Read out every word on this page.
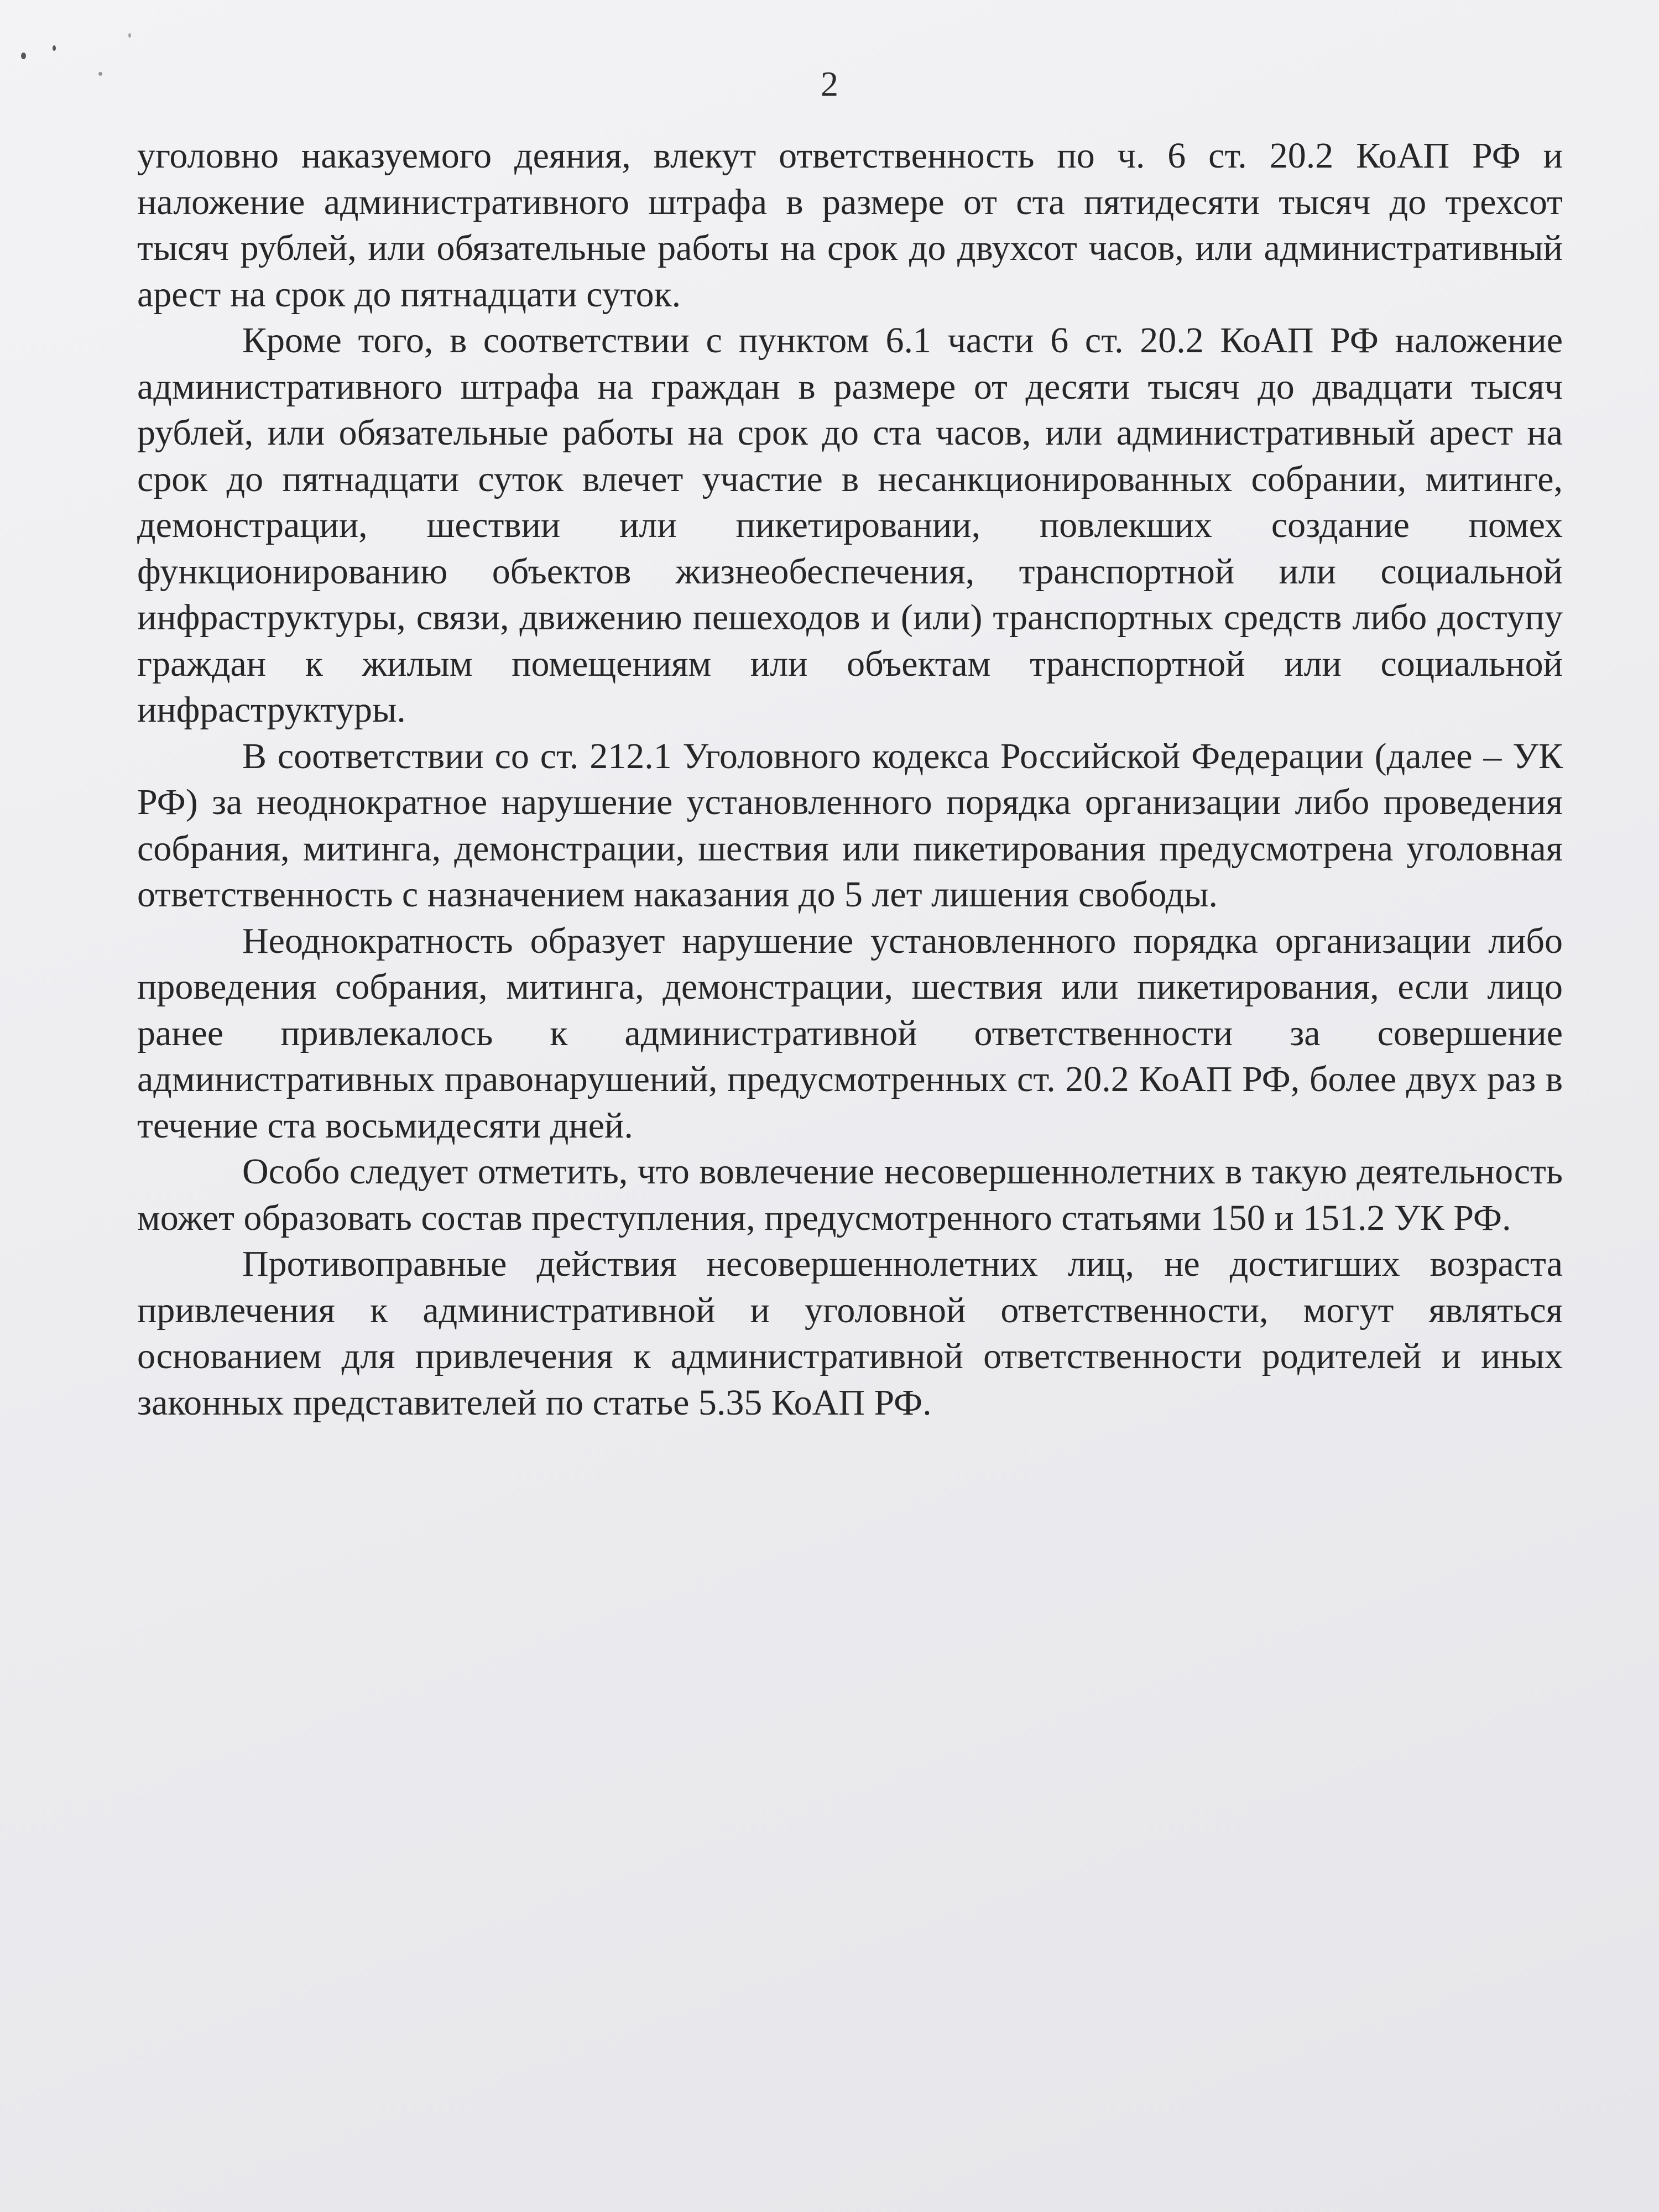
2

уголовно наказуемого деяния, влекут ответственность по ч. 6 ст. 20.2 КоАП РФ и наложение административного штрафа в размере от ста пятидесяти тысяч до трехсот тысяч рублей, или обязательные работы на срок до двухсот часов, или административный арест на срок до пятнадцати суток.

Кроме того, в соответствии с пунктом 6.1 части 6 ст. 20.2 КоАП РФ наложение административного штрафа на граждан в размере от десяти тысяч до двадцати тысяч рублей, или обязательные работы на срок до ста часов, или административный арест на срок до пятнадцати суток влечет участие в несанкционированных собрании, митинге, демонстрации, шествии или пикетировании, повлекших создание помех функционированию объектов жизнеобеспечения, транспортной или социальной инфраструктуры, связи, движению пешеходов и (или) транспортных средств либо доступу граждан к жилым помещениям или объектам транспортной или социальной инфраструктуры.

В соответствии со ст. 212.1 Уголовного кодекса Российской Федерации (далее – УК РФ) за неоднократное нарушение установленного порядка организации либо проведения собрания, митинга, демонстрации, шествия или пикетирования предусмотрена уголовная ответственность с назначением наказания до 5 лет лишения свободы.

Неоднократность образует нарушение установленного порядка организации либо проведения собрания, митинга, демонстрации, шествия или пикетирования, если лицо ранее привлекалось к административной ответственности за совершение административных правонарушений, предусмотренных ст. 20.2 КоАП РФ, более двух раз в течение ста восьмидесяти дней.

Особо следует отметить, что вовлечение несовершеннолетних в такую деятельность может образовать состав преступления, предусмотренного статьями 150 и 151.2 УК РФ.

Противоправные действия несовершеннолетних лиц, не достигших возраста привлечения к административной и уголовной ответственности, могут являться основанием для привлечения к административной ответственности родителей и иных законных представителей по статье 5.35 КоАП РФ.
